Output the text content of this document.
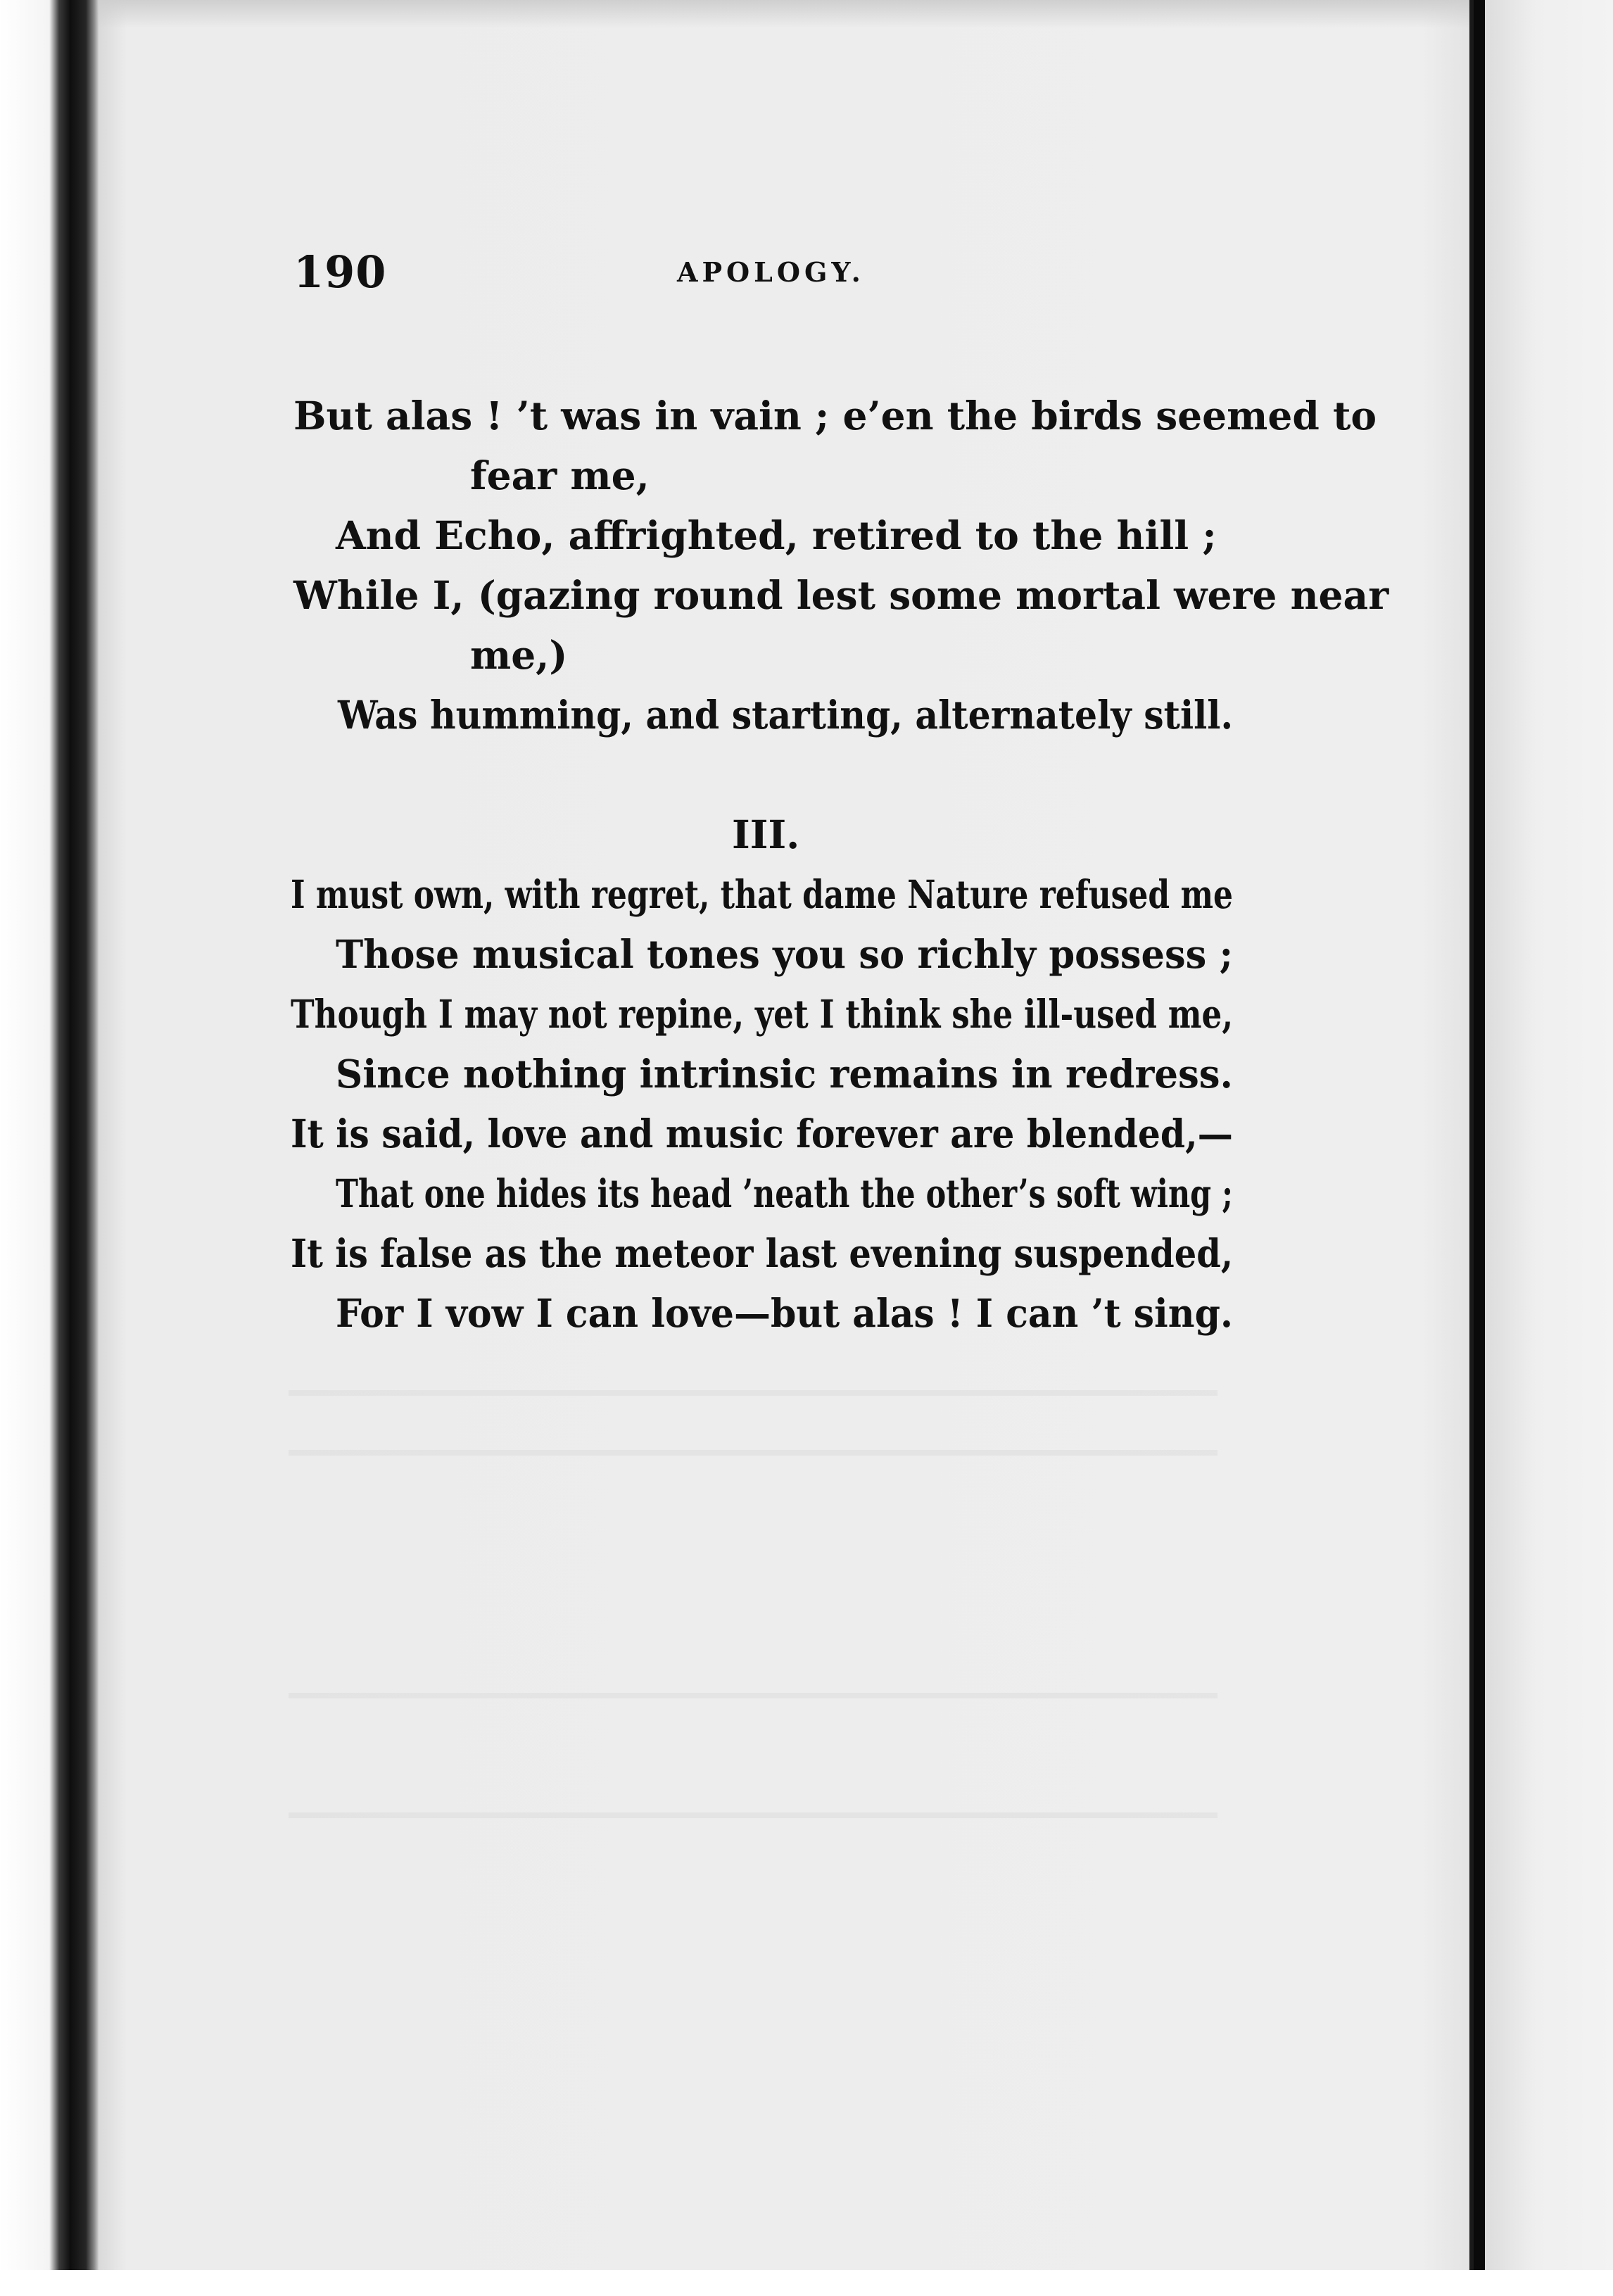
190	APOLOGY.
But alas ! ’t was in vain ; e’en the birds seemed to
fear me,
And Echo, affrighted, retired to the hill ;
While I, (gazing round lest some mortal were near
me,)
Was humming, and starting, alternately still.
III.
I must own, with regret, that dame Nature refused me
Those musical tones you so richly possess ;
Though I may not repine, yet I think she ill-used me,
Since nothing intrinsic remains in redress.
It is said, love and music forever are blended,—
That one hides its head ’neath the other’s soft wing ;
It is false as the meteor last evening suspended,
For I vow I can love—but alas ! I can ’t sing.
